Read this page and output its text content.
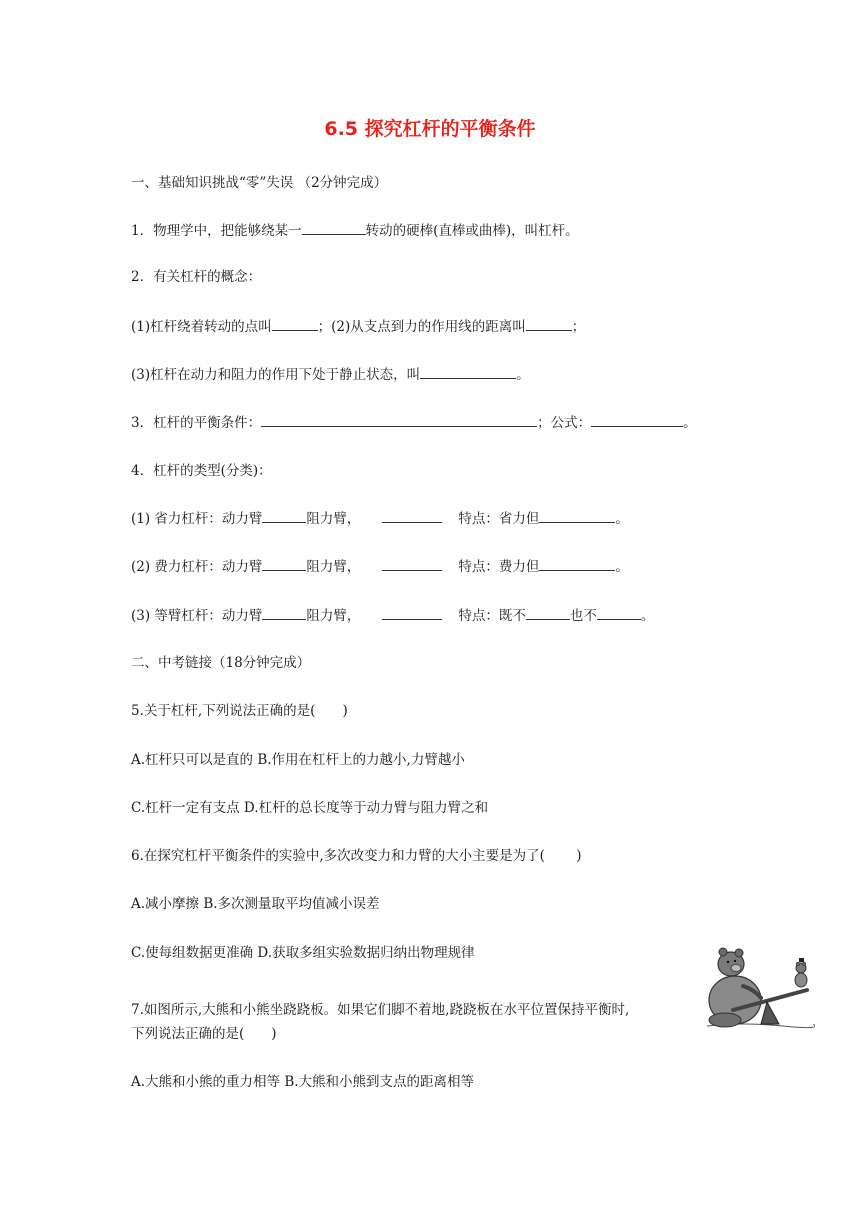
6.5 探究杠杆的平衡条件
一、基础知识挑战“零”失误 （2分钟完成）
1．物理学中，把能够绕某一	转动的硬棒(直棒或曲棒)，叫杠杆。
2．有关杠杆的概念：
(1)杠杆绕着转动的点叫	；(2)从支点到力的作用线的距离叫	；
(3)杠杆在动力和阻力的作用下处于静止状态，叫	。
3．杠杆的平衡条件：	；公式：	。
4．杠杆的类型(分类)：
(1) 省力杠杆：动力臂	阻力臂，	特点：省力但	。
(2) 费力杠杆：动力臂	阻力臂，	特点：费力但	。
(3) 等臂杠杆：动力臂	阻力臂，	特点：既不	也不	。
二、中考链接（18分钟完成）
5.关于杠杆,下列说法正确的是(　　)
A.杠杆只可以是直的 B.作用在杠杆上的力越小,力臂越小
C.杠杆一定有支点 D.杠杆的总长度等于动力臂与阻力臂之和
6.在探究杠杆平衡条件的实验中,多次改变力和力臂的大小主要是为了(　　 )
A.减小摩擦 B.多次测量取平均值减小误差
C.使每组数据更准确 D.获取多组实验数据归纳出物理规律
7.如图所示,大熊和小熊坐跷跷板。如果它们脚不着地,跷跷板在水平位置保持平衡时,
下列说法正确的是(　　)
A.大熊和小熊的重力相等 B.大熊和小熊到支点的距离相等
